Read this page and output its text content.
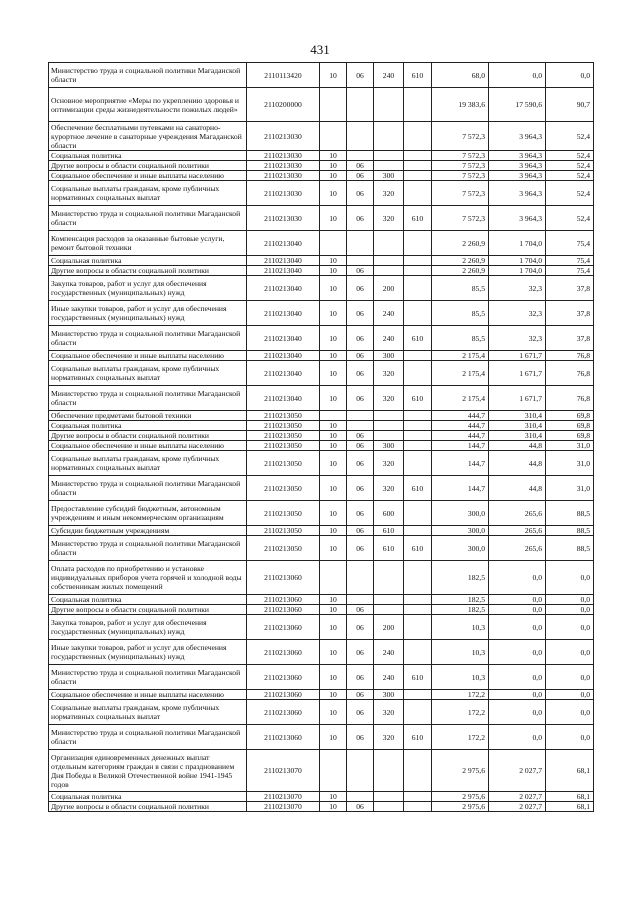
431
Министерство труда и социальной политики Магаданской области	2110113420	10	06	240	610	68,0	0,0	0,0
Основное мероприятие «Меры по укреплению здоровья и оптимизации среды жизнедеятельности пожилых людей»	2110200000					19 383,6	17 590,6	90,7
Обеспечение бесплатными путевками на санаторно-курортное лечение в санаторные учреждения Магаданской области	2110213030					7 572,3	3 964,3	52,4
Социальная политика	2110213030	10				7 572,3	3 964,3	52,4
Другие вопросы в области социальной политики	2110213030	10	06			7 572,3	3 964,3	52,4
Социальное обеспечение и иные выплаты населению	2110213030	10	06	300		7 572,3	3 964,3	52,4
Социальные выплаты гражданам, кроме публичных нормативных социальных выплат	2110213030	10	06	320		7 572,3	3 964,3	52,4
Министерство труда и социальной политики Магаданской области	2110213030	10	06	320	610	7 572,3	3 964,3	52,4
Компенсация расходов за оказанные бытовые услуги, ремонт бытовой техники	2110213040					2 260,9	1 704,0	75,4
Социальная политика	2110213040	10				2 260,9	1 704,0	75,4
Другие вопросы в области социальной политики	2110213040	10	06			2 260,9	1 704,0	75,4
Закупка товаров, работ и услуг для обеспечения государственных (муниципальных) нужд	2110213040	10	06	200		85,5	32,3	37,8
Иные закупки товаров, работ и услуг для обеспечения государственных (муниципальных) нужд	2110213040	10	06	240		85,5	32,3	37,8
Министерство труда и социальной политики Магаданской области	2110213040	10	06	240	610	85,5	32,3	37,8
Социальное обеспечение и иные выплаты населению	2110213040	10	06	300		2 175,4	1 671,7	76,8
Социальные выплаты гражданам, кроме публичных нормативных социальных выплат	2110213040	10	06	320		2 175,4	1 671,7	76,8
Министерство труда и социальной политики Магаданской области	2110213040	10	06	320	610	2 175,4	1 671,7	76,8
Обеспечение предметами бытовой техники	2110213050					444,7	310,4	69,8
Социальная политика	2110213050	10				444,7	310,4	69,8
Другие вопросы в области социальной политики	2110213050	10	06			444,7	310,4	69,8
Социальное обеспечение и иные выплаты населению	2110213050	10	06	300		144,7	44,8	31,0
Социальные выплаты гражданам, кроме публичных нормативных социальных выплат	2110213050	10	06	320		144,7	44,8	31,0
Министерство труда и социальной политики Магаданской области	2110213050	10	06	320	610	144,7	44,8	31,0
Предоставление субсидий бюджетным, автономным учреждениям и иным некоммерческим организациям	2110213050	10	06	600		300,0	265,6	88,5
Субсидии бюджетным учреждениям	2110213050	10	06	610		300,0	265,6	88,5
Министерство труда и социальной политики Магаданской области	2110213050	10	06	610	610	300,0	265,6	88,5
Оплата расходов по приобретению и установке индивидуальных приборов учета горячей и холодной воды собственникам жилых помещений	2110213060					182,5	0,0	0,0
Социальная политика	2110213060	10				182,5	0,0	0,0
Другие вопросы в области социальной политики	2110213060	10	06			182,5	0,0	0,0
Закупка товаров, работ и услуг для обеспечения государственных (муниципальных) нужд	2110213060	10	06	200		10,3	0,0	0,0
Иные закупки товаров, работ и услуг для обеспечения государственных (муниципальных) нужд	2110213060	10	06	240		10,3	0,0	0,0
Министерство труда и социальной политики Магаданской области	2110213060	10	06	240	610	10,3	0,0	0,0
Социальное обеспечение и иные выплаты населению	2110213060	10	06	300		172,2	0,0	0,0
Социальные выплаты гражданам, кроме публичных нормативных социальных выплат	2110213060	10	06	320		172,2	0,0	0,0
Министерство труда и социальной политики Магаданской области	2110213060	10	06	320	610	172,2	0,0	0,0
Организация единовременных денежных выплат отдельным категориям граждан в связи с празднованием Дня Победы в Великой Отечественной войне 1941-1945 годов	2110213070					2 975,6	2 027,7	68,1
Социальная политика	2110213070	10				2 975,6	2 027,7	68,1
Другие вопросы в области социальной политики	2110213070	10	06			2 975,6	2 027,7	68,1
